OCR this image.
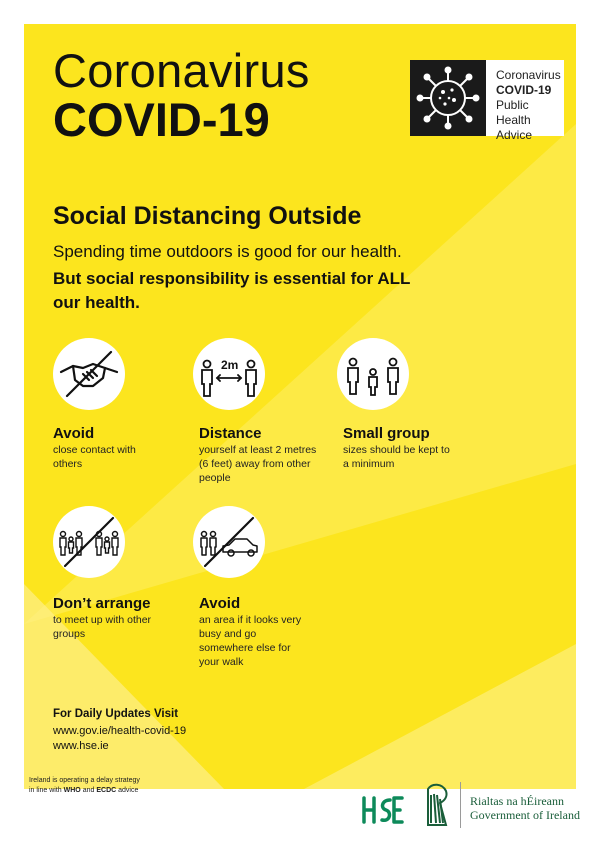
Coronavirus
COVID-19
Coronavirus
COVID-19
Public Health
Advice
Social Distancing Outside
Spending time outdoors is good for our health.
But social responsibility is essential for ALL our health.
Avoid
close contact with others
2m
Distance
yourself at least 2 metres (6 feet) away from other people
Small group
sizes should be kept to a minimum
Don’t arrange
to meet up with other groups
Avoid
an area if it looks very busy and go somewhere else for your walk
For Daily Updates Visit
www.gov.ie/health-covid-19
www.hse.ie
Ireland is operating a delay strategy
in line with WHO and ECDC advice
Rialtas na hÉireann
Government of Ireland
